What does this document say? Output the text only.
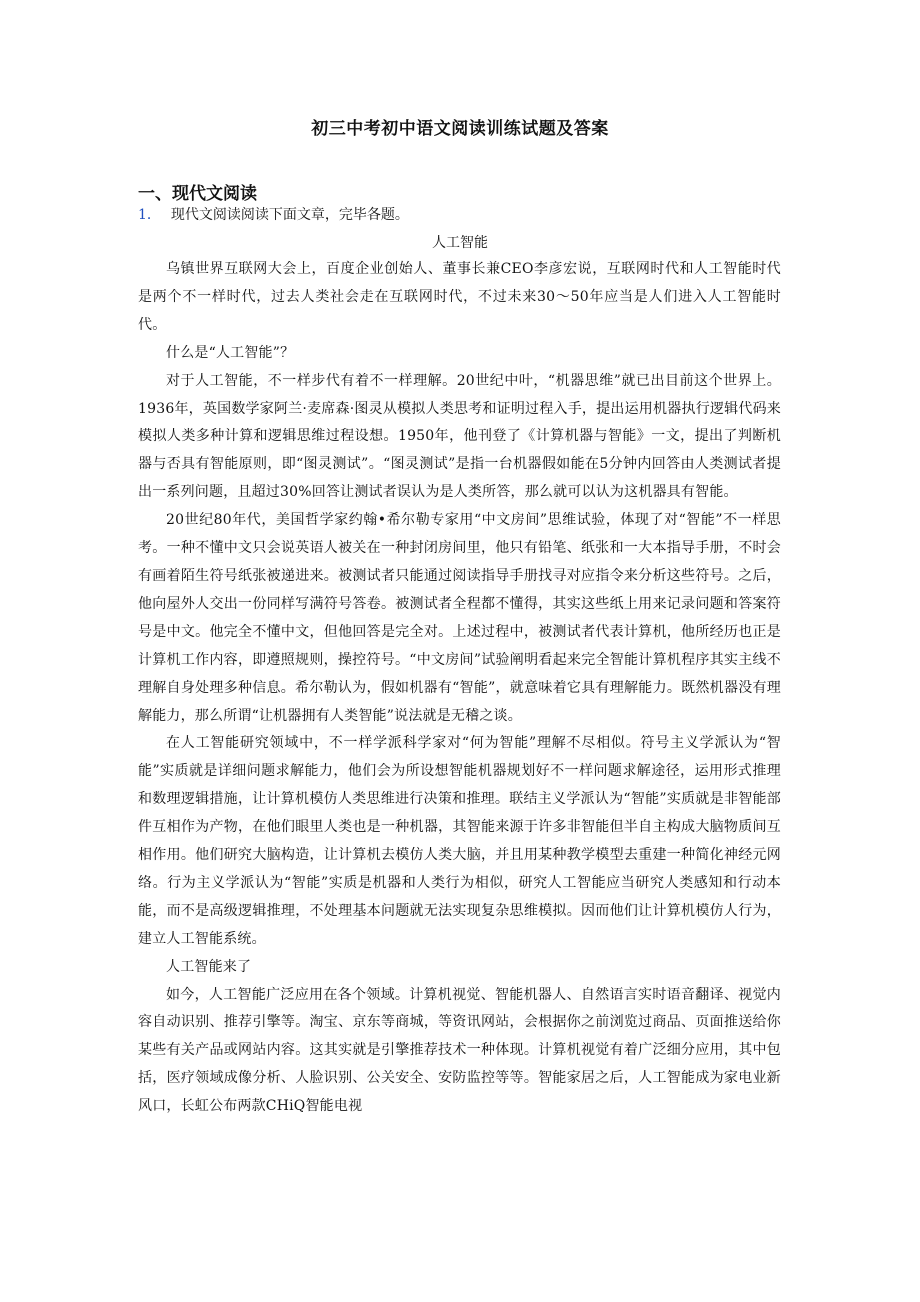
初三中考初中语文阅读训练试题及答案
一、现代文阅读
1． 现代文阅读阅读下面文章，完毕各题。
人工智能

乌镇世界互联网大会上，百度企业创始人、董事长兼CEO李彦宏说，互联网时代和人工智能时代是两个不一样时代，过去人类社会走在互联网时代，不过未来30～50年应当是人们进入人工智能时代。

什么是“人工智能”？

对于人工智能，不一样步代有着不一样理解。20世纪中叶，“机器思维”就已出目前这个世界上。1936年，英国数学家阿兰·麦席森·图灵从模拟人类思考和证明过程入手，提出运用机器执行逻辑代码来模拟人类多种计算和逻辑思维过程设想。1950年，他刊登了《计算机器与智能》一文，提出了判断机器与否具有智能原则，即“图灵测试”。“图灵测试”是指一台机器假如能在5分钟内回答由人类测试者提出一系列问题，且超过30%回答让测试者误认为是人类所答，那么就可以认为这机器具有智能。

20世纪80年代，美国哲学家约翰•希尔勒专家用“中文房间”思维试验，体现了对“智能”不一样思考。一种不懂中文只会说英语人被关在一种封闭房间里，他只有铅笔、纸张和一大本指导手册，不时会有画着陌生符号纸张被递进来。被测试者只能通过阅读指导手册找寻对应指令来分析这些符号。之后，他向屋外人交出一份同样写满符号答卷。被测试者全程都不懂得，其实这些纸上用来记录问题和答案符号是中文。他完全不懂中文，但他回答是完全对。上述过程中，被测试者代表计算机，他所经历也正是计算机工作内容，即遵照规则，操控符号。“中文房间”试验阐明看起来完全智能计算机程序其实主线不理解自身处理多种信息。希尔勒认为，假如机器有“智能”，就意味着它具有理解能力。既然机器没有理解能力，那么所谓“让机器拥有人类智能”说法就是无稽之谈。

在人工智能研究领域中，不一样学派科学家对“何为智能”理解不尽相似。符号主义学派认为“智能”实质就是详细问题求解能力，他们会为所设想智能机器规划好不一样问题求解途径，运用形式推理和数理逻辑措施，让计算机模仿人类思维进行决策和推理。联结主义学派认为“智能”实质就是非智能部件互相作为产物，在他们眼里人类也是一种机器，其智能来源于许多非智能但半自主构成大脑物质间互相作用。他们研究大脑构造，让计算机去模仿人类大脑，并且用某种教学模型去重建一种简化神经元网络。行为主义学派认为“智能”实质是机器和人类行为相似，研究人工智能应当研究人类感知和行动本能，而不是高级逻辑推理，不处理基本问题就无法实现复杂思维模拟。因而他们让计算机模仿人行为，建立人工智能系统。

人工智能来了

如今，人工智能广泛应用在各个领域。计算机视觉、智能机器人、自然语言实时语音翻译、视觉内容自动识别、推荐引擎等。淘宝、京东等商城，等资讯网站，会根据你之前浏览过商品、页面推送给你某些有关产品或网站内容。这其实就是引擎推荐技术一种体现。计算机视觉有着广泛细分应用，其中包括，医疗领域成像分析、人脸识别、公关安全、安防监控等等。智能家居之后，人工智能成为家电业新风口，长虹公布两款CHiQ智能电视
